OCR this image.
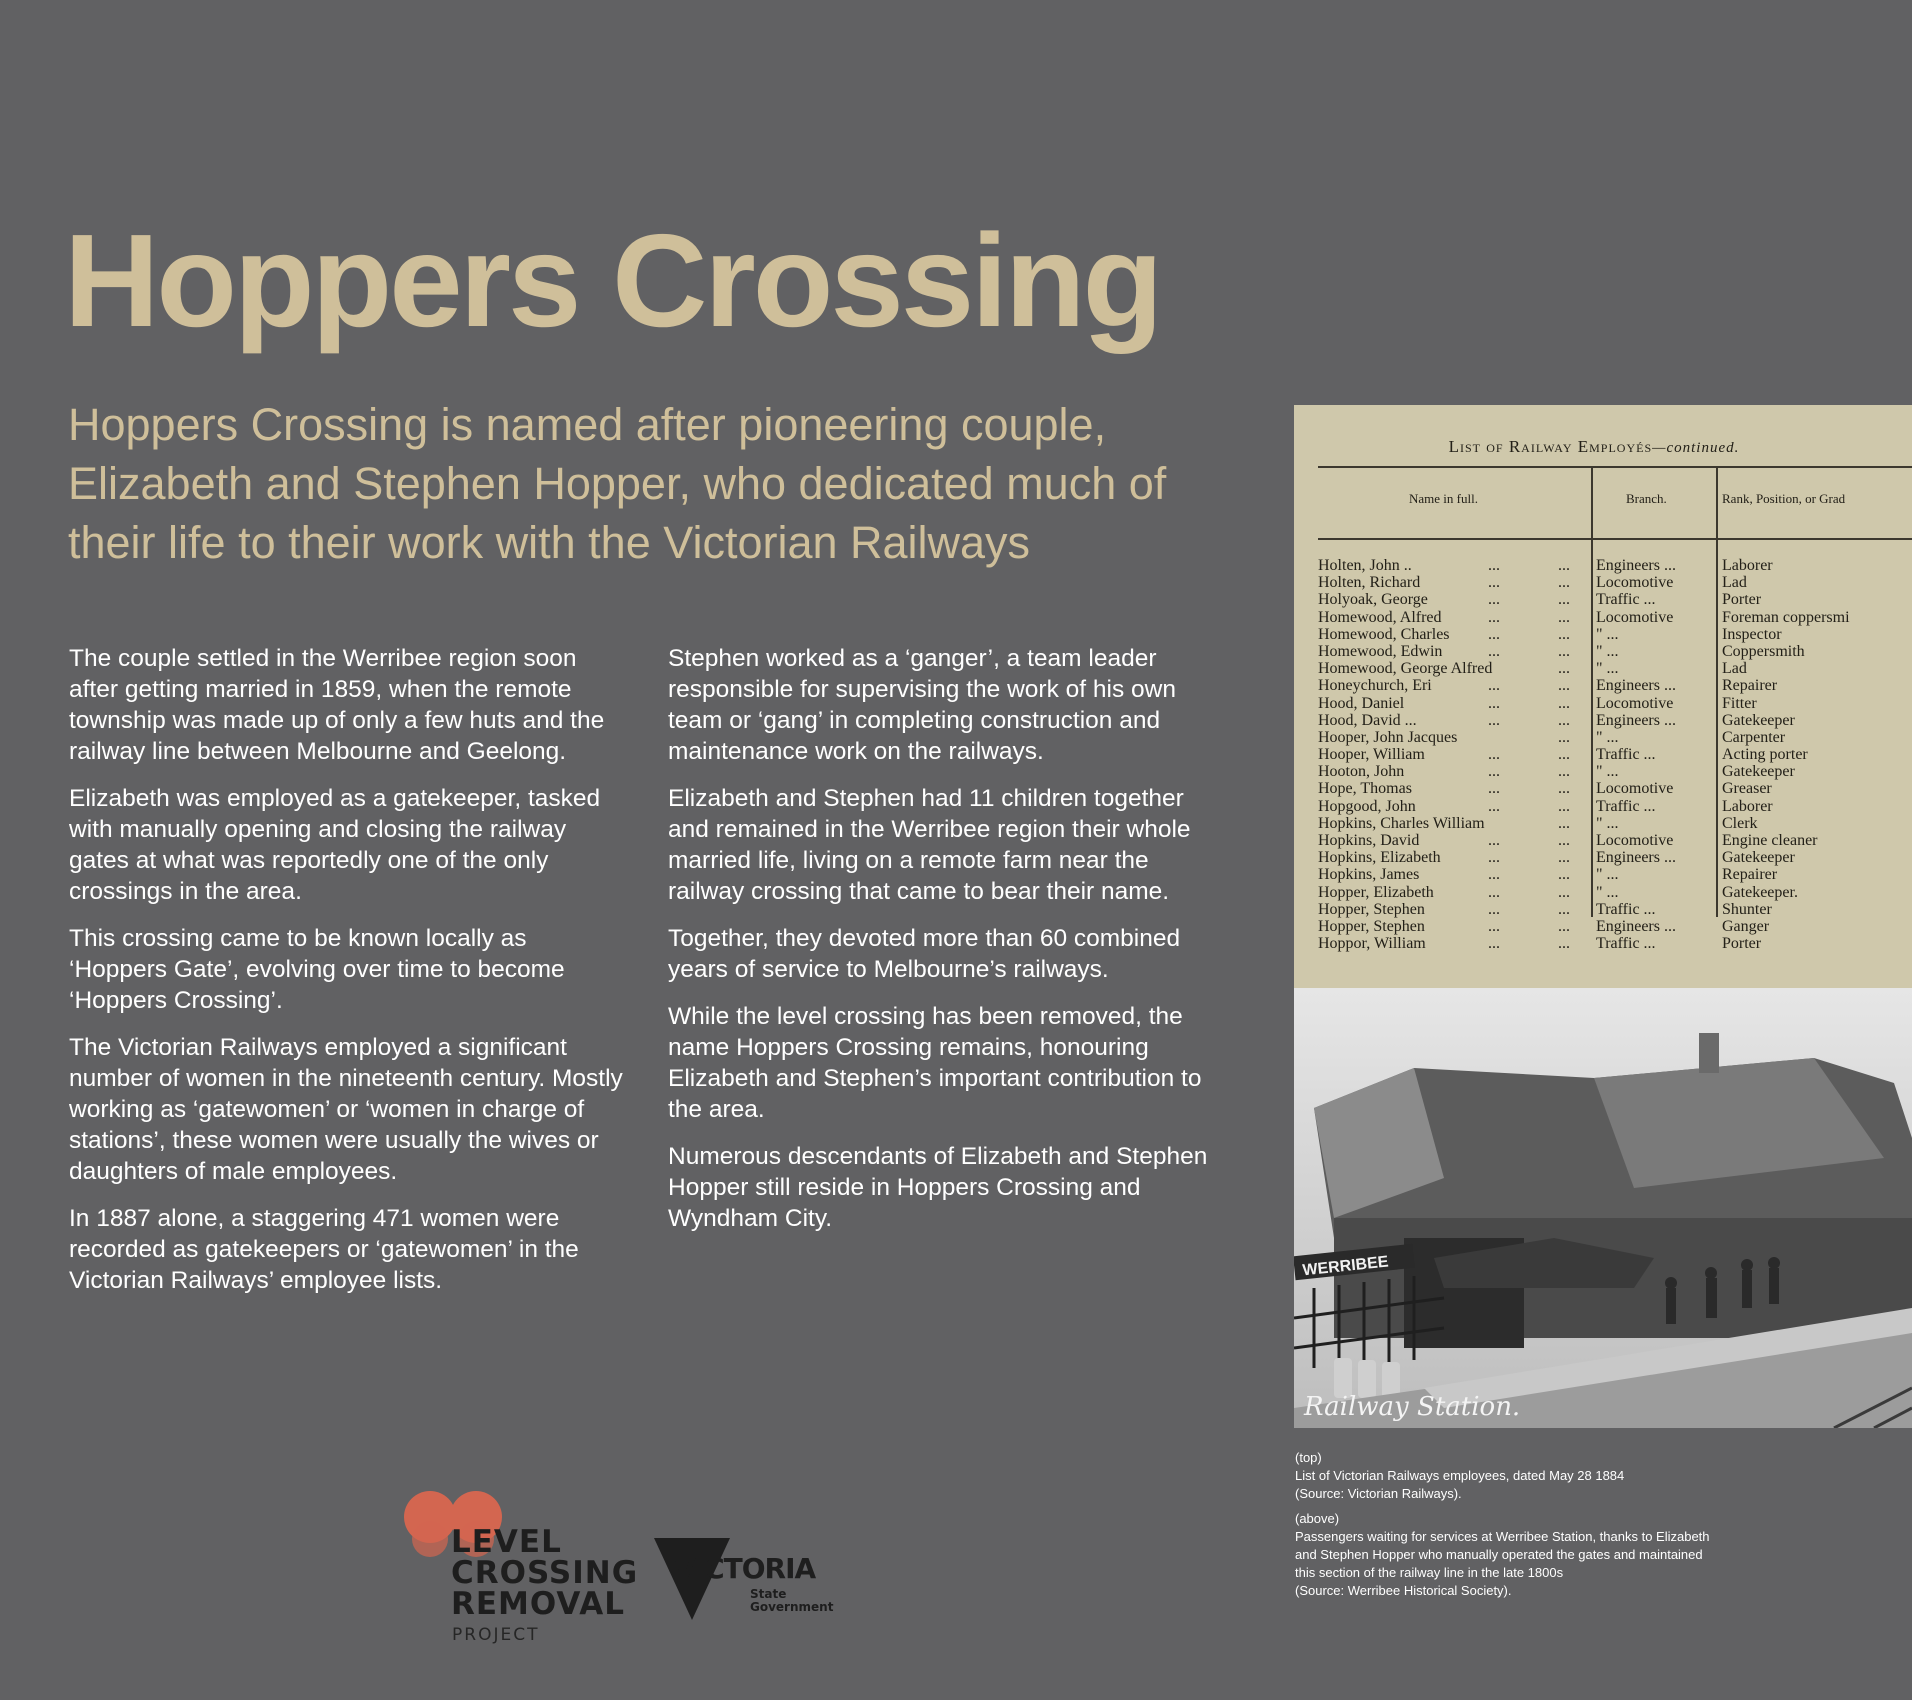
Hoppers Crossing
Hoppers Crossing is named after pioneering couple, Elizabeth and Stephen Hopper, who dedicated much of their life to their work with the Victorian Railways

The couple settled in the Werribee region soon after getting married in 1859, when the remote township was made up of only a few huts and the railway line between Melbourne and Geelong.

Elizabeth was employed as a gatekeeper, tasked with manually opening and closing the railway gates at what was reportedly one of the only crossings in the area.

This crossing came to be known locally as ‘Hoppers Gate’, evolving over time to become ‘Hoppers Crossing’.

The Victorian Railways employed a significant number of women in the nineteenth century. Mostly working as ‘gatewomen’ or ‘women in charge of stations’, these women were usually the wives or daughters of male employees.

In 1887 alone, a staggering 471 women were recorded as gatekeepers or ‘gatewomen’ in the Victorian Railways’ employee lists.

Stephen worked as a ‘ganger’, a team leader responsible for supervising the work of his own team or ‘gang’ in completing construction and maintenance work on the railways.

Elizabeth and Stephen had 11 children together and remained in the Werribee region their whole married life, living on a remote farm near the railway crossing that came to bear their name.

Together, they devoted more than 60 combined years of service to Melbourne’s railways.

While the level crossing has been removed, the name Hoppers Crossing remains, honouring Elizabeth and Stephen’s important contribution to the area.

Numerous descendants of Elizabeth and Stephen Hopper still reside in Hoppers Crossing and Wyndham City.

List of Railway Employés—continued.
Name in full.	Branch.	Rank, Position, or Grad
Holten, John ..	...	... Engineers ...	Laborer
Holten, Richard	...	... Locomotive	Lad
Holyoak, George	...	... Traffic ...	Porter
Homewood, Alfred	...	... Locomotive	Foreman coppersmi
Homewood, Charles ...	... " ...	Inspector
Homewood, Edwin	...	... " ...	Coppersmith
Homewood, George Alfred	... " ...	Lad
Honeychurch, Eri	...	... Engineers ...	Repairer
Hood, Daniel	...	... Locomotive	Fitter
Hood, David ...	...	... Engineers ...	Gatekeeper
Hooper, John Jacques	... " ...	Carpenter
Hooper, William	...	... Traffic ...	Acting porter
Hooton, John	...	... " ...	Gatekeeper
Hope, Thomas	...	... Locomotive	Greaser
Hopgood, John	...	... Traffic ...	Laborer
Hopkins, Charles William	... " ...	Clerk
Hopkins, David	...	... Locomotive	Engine cleaner
Hopkins, Elizabeth	...	... Engineers ...	Gatekeeper
Hopkins, James	...	... " ...	Repairer
Hopper, Elizabeth	...	... " ...	Gatekeeper.
Hopper, Stephen	...	... Traffic ...	Shunter
Hopper, Stephen	...	... Engineers ...	Ganger
Hoppor, William	...	... Traffic ...	Porter
WERRIBEE
Railway Station.

(top)
List of Victorian Railways employees, dated May 28 1884
(Source: Victorian Railways).

(above)
Passengers waiting for services at Werribee Station, thanks to Elizabeth and Stephen Hopper who manually operated the gates and maintained this section of the railway line in the late 1800s
(Source: Werribee Historical Society).

LEVEL
CROSSING
REMOVAL
PROJECT
VICTORIA
State
Government
